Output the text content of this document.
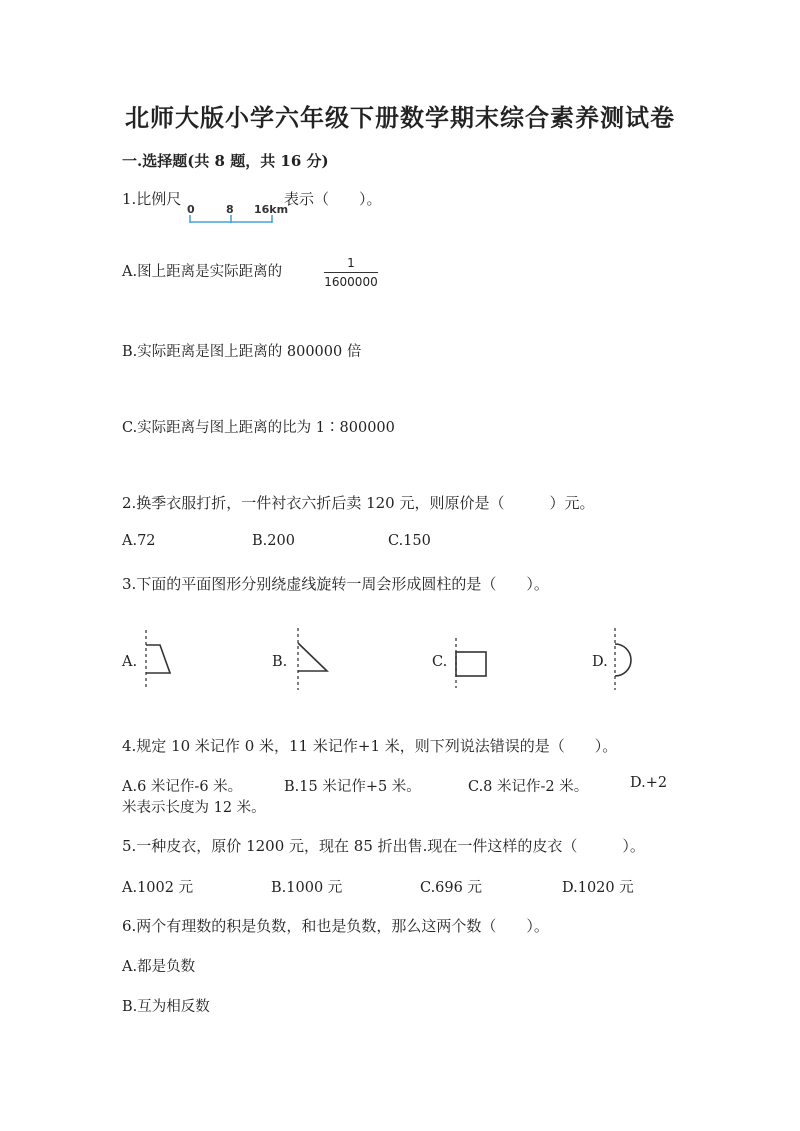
北师大版小学六年级下册数学期末综合素养测试卷
一.选择题(共 8 题，共 16 分)
1.比例尺
0	8 16km
表示（　　）。
A.图上距离是实际距离的
1
1600000
B.实际距离是图上距离的 800000 倍
C.实际距离与图上距离的比为 1∶800000
2.换季衣服打折，一件衬衣六折后卖 120 元，则原价是（　　　）元。
A.72	B.200	C.150
3.下面的平面图形分别绕虚线旋转一周会形成圆柱的是（　　）。
A.	B.	C.	D.
4.规定 10 米记作 0 米，11 米记作+1 米，则下列说法错误的是（　　）。
A.6 米记作-6 米。	B.15 米记作+5 米。	C.8 米记作-2 米。	D.+2
米表示长度为 12 米。
5.一种皮衣，原价 1200 元，现在 85 折出售.现在一件这样的皮衣（　　　）。
A.1002 元	B.1000 元	C.696 元	D.1020 元
6.两个有理数的积是负数，和也是负数，那么这两个数（　　）。
A.都是负数
B.互为相反数
